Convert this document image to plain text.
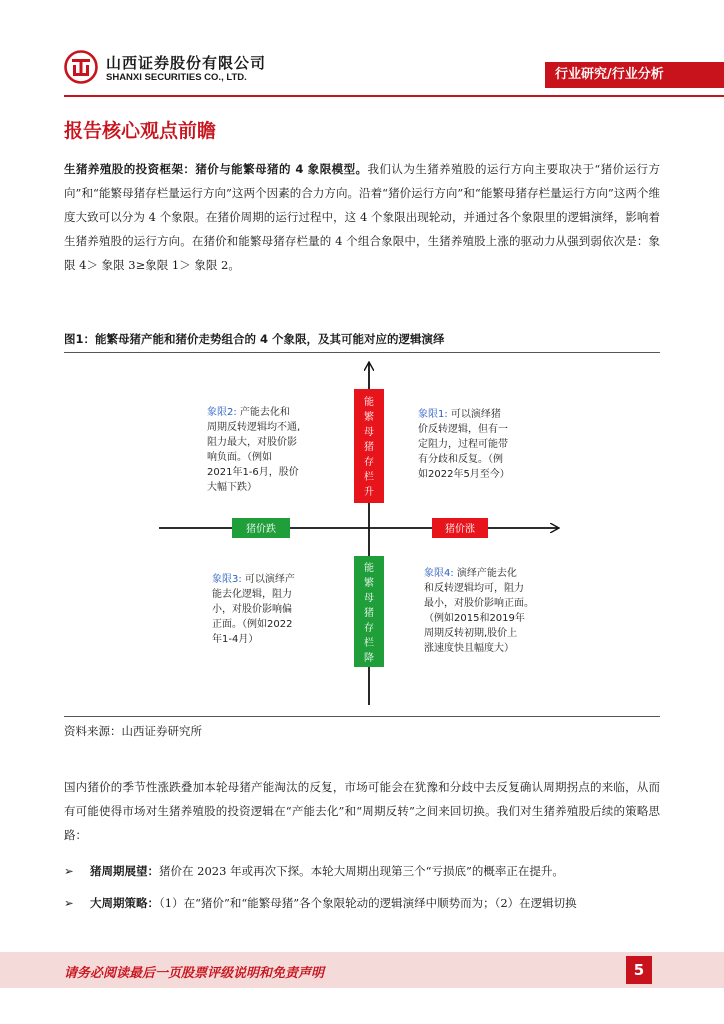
山西证券股份有限公司
SHANXI SECURITIES CO., LTD.	行业研究/行业分析
报告核心观点前瞻
生猪养殖股的投资框架：猪价与能繁母猪的 4 象限模型。我们认为生猪养殖股的运行方向主要取决于“猪价运行方向”和“能繁母猪存栏量运行方向”这两个因素的合力方向。沿着“猪价运行方向”和“能繁母猪存栏量运行方向”这两个维度大致可以分为 4 个象限。在猪价周期的运行过程中，这 4 个象限出现轮动，并通过各个象限里的逻辑演绎，影响着生猪养殖股的运行方向。在猪价和能繁母猪存栏量的 4 个组合象限中，生猪养殖股上涨的驱动力从强到弱依次是：象限 4＞ 象限 3≥象限 1＞ 象限 2。
图1：能繁母猪产能和猪价走势组合的 4 个象限，及其可能对应的逻辑演绎
能
繁
母
猪
存
栏
升
能
繁
母
猪
存
栏
降
猪价跌	猪价涨
象限2: 产能去化和
周期反转逻辑均不通,
阻力最大，对股价影
响负面。（例如
2021年1-6月，股价
大幅下跌）
象限1: 可以演绎猪
价反转逻辑，但有一
定阻力，过程可能带
有分歧和反复。（例
如2022年5月至今）
象限3: 可以演绎产
能去化逻辑，阻力
小，对股价影响偏
正面。（例如2022
年1-4月）
象限4: 演绎产能去化
和反转逻辑均可，阻力
最小，对股价影响正面。
（例如2015和2019年
周期反转初期,股价上
涨速度快且幅度大）
资料来源：山西证券研究所
国内猪价的季节性涨跌叠加本轮母猪产能淘汰的反复，市场可能会在犹豫和分歧中去反复确认周期拐点的来临，从而有可能使得市场对生猪养殖股的投资逻辑在“产能去化”和“周期反转”之间来回切换。我们对生猪养殖股后续的策略思路：
➢ 猪周期展望：猪价在 2023 年或再次下探。本轮大周期出现第三个“亏损底”的概率正在提升。
➢ 大周期策略：（1）在“猪价”和“能繁母猪”各个象限轮动的逻辑演绎中顺势而为；（2）在逻辑切换
请务必阅读最后一页股票评级说明和免责声明	5
